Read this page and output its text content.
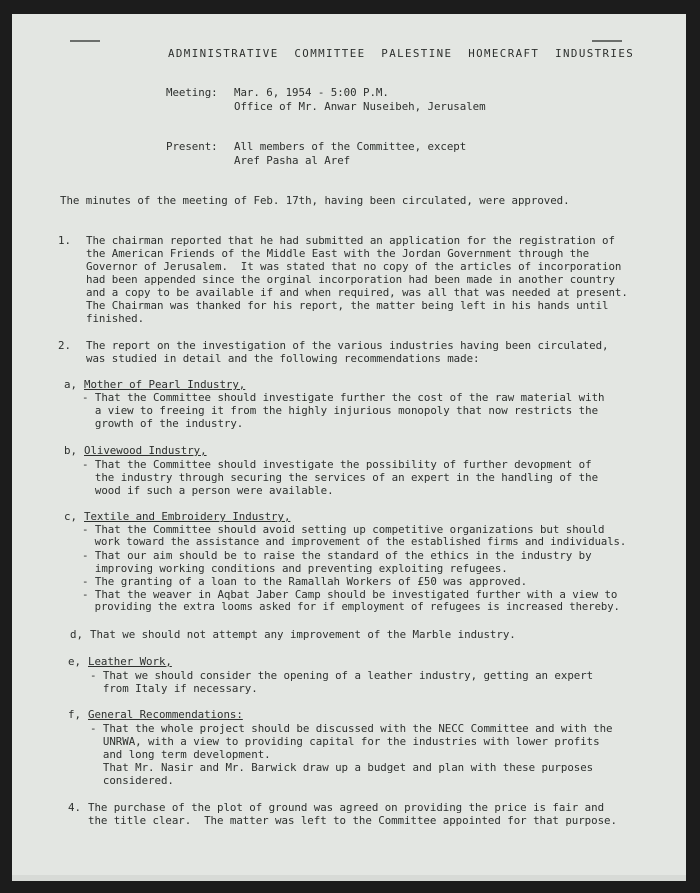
ADMINISTRATIVE  COMMITTEE  PALESTINE  HOMECRAFT  INDUSTRIES
Meeting: Mar. 6, 1954 - 5:00 P.M.
Office of Mr. Anwar Nuseibeh, Jerusalem
Present: All members of the Committee, except
Aref Pasha al Aref
The minutes of the meeting of Feb. 17th, having been circulated, were approved.
1. The chairman reported that he had submitted an application for the registration of
the American Friends of the Middle East with the Jordan Government through the
Governor of Jerusalem.  It was stated that no copy of the articles of incorporation
had been appended since the orginal incorporation had been made in another country
and a copy to be available if and when required, was all that was needed at present.
The Chairman was thanked for his report, the matter being left in his hands until
finished.
2. The report on the investigation of the various industries having been circulated,
was studied in detail and the following recommendations made:
a, Mother of Pearl Industry,
- That the Committee should investigate further the cost of the raw material with
a view to freeing it from the highly injurious monopoly that now restricts the
growth of the industry.
b, Olivewood Industry,
- That the Committee should investigate the possibility of further devopment of
the industry through securing the services of an expert in the handling of the
wood if such a person were available.
c, Textile and Embroidery Industry,
- That the Committee should avoid setting up competitive organizations but should
work toward the assistance and improvement of the established firms and individuals.
- That our aim should be to raise the standard of the ethics in the industry by
improving working conditions and preventing exploiting refugees.
- The granting of a loan to the Ramallah Workers of £50 was approved.
- That the weaver in Aqbat Jaber Camp should be investigated further with a view to
providing the extra looms asked for if employment of refugees is increased thereby.
d, That we should not attempt any improvement of the Marble industry.
e, Leather Work,
- That we should consider the opening of a leather industry, getting an expert
from Italy if necessary.
f, General Recommendations:
- That the whole project should be discussed with the NECC Committee and with the
UNRWA, with a view to providing capital for the industries with lower profits
and long term development.
That Mr. Nasir and Mr. Barwick draw up a budget and plan with these purposes
considered.
4. The purchase of the plot of ground was agreed on providing the price is fair and
the title clear.  The matter was left to the Committee appointed for that purpose.
